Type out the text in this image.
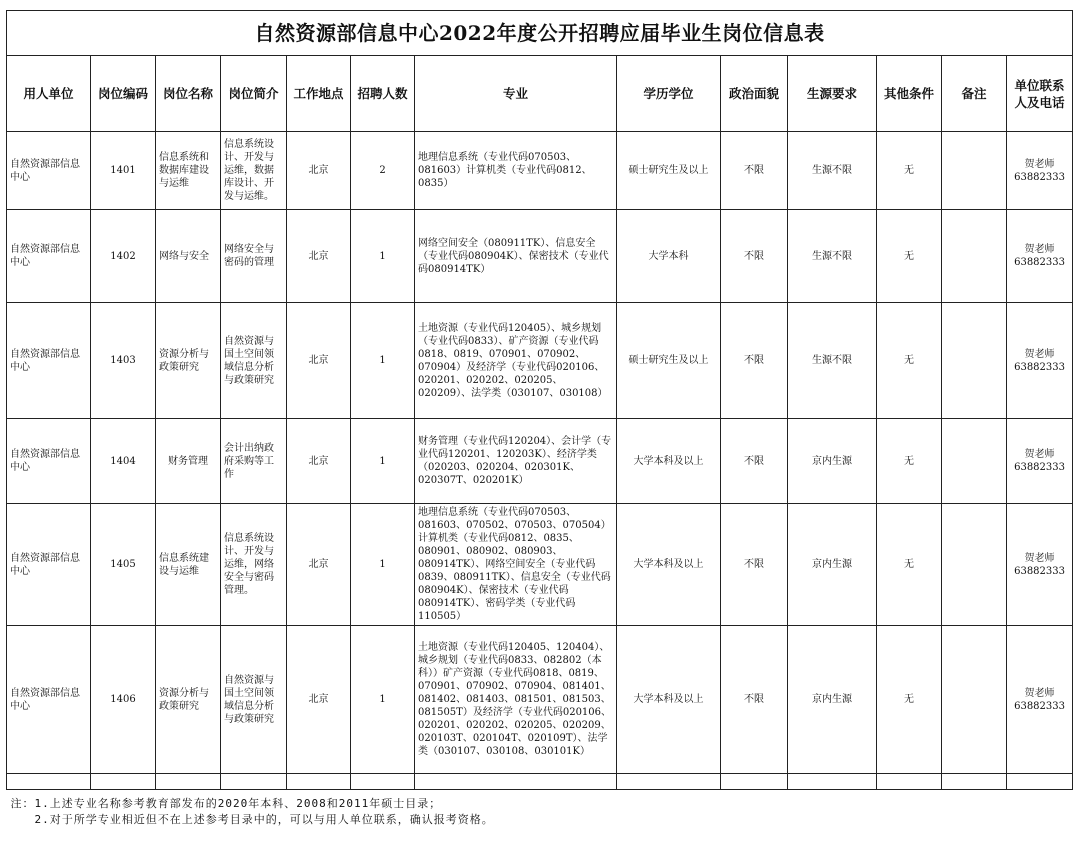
自然资源部信息中心2022年度公开招聘应届毕业生岗位信息表												
用人单位	岗位编码	岗位名称	岗位简介	工作地点	招聘人数	专业	学历学位	政治面貌	生源要求	其他条件	备注	单位联系人及电话
自然资源部信息中心	1401	信息系统和数据库建设与运维	信息系统设计、开发与运维，数据库设计、开发与运维。	北京	2	地理信息系统（专业代码070503、081603）计算机类（专业代码0812、0835）	硕士研究生及以上	不限	生源不限	无		贺老师63882333
自然资源部信息中心	1402	网络与安全	网络安全与密码的管理	北京	1	网络空间安全（080911TK）、信息安全（专业代码080904K）、保密技术（专业代码080914TK）	大学本科	不限	生源不限	无		贺老师63882333
自然资源部信息中心	1403	资源分析与政策研究	自然资源与国土空间领域信息分析与政策研究	北京	1	土地资源（专业代码120405）、城乡规划（专业代码0833）、矿产资源（专业代码0818、0819、070901、070902、070904）及经济学（专业代码020106、020201、020202、020205、020209）、法学类（030107、030108）	硕士研究生及以上	不限	生源不限	无		贺老师63882333
自然资源部信息中心	1404	财务管理	会计出纳政府采购等工作	北京	1	财务管理（专业代码120204）、会计学（专业代码120201、120203K）、经济学类（020203、020204、020301K、020307T、020201K）	大学本科及以上	不限	京内生源	无		贺老师63882333
自然资源部信息中心	1405	信息系统建设与运维	信息系统设计、开发与运维，网络安全与密码管理。	北京	1	地理信息系统（专业代码070503、081603、070502、070503、070504）计算机类（专业代码0812、0835、080901、080902、080903、080914TK）、网络空间安全（专业代码0839、080911TK）、信息安全（专业代码080904K）、保密技术（专业代码080914TK）、密码学类（专业代码110505）	大学本科及以上	不限	京内生源	无		贺老师63882333
自然资源部信息中心	1406	资源分析与政策研究	自然资源与国土空间领域信息分析与政策研究	北京	1	土地资源（专业代码120405、120404）、城乡规划（专业代码0833、082802（本科））矿产资源（专业代码0818、0819、070901、070902、070904、081401、081402、081403、081501、081503、081505T）及经济学（专业代码020106、020201、020202、020205、020209、020103T、020104T、020109T）、法学类（030107、030108、030101K）	大学本科及以上	不限	京内生源	无		贺老师63882333

注：1.上述专业名称参考教育部发布的2020年本科、2008和2011年硕士目录；
2.对于所学专业相近但不在上述参考目录中的，可以与用人单位联系，确认报考资格。												
